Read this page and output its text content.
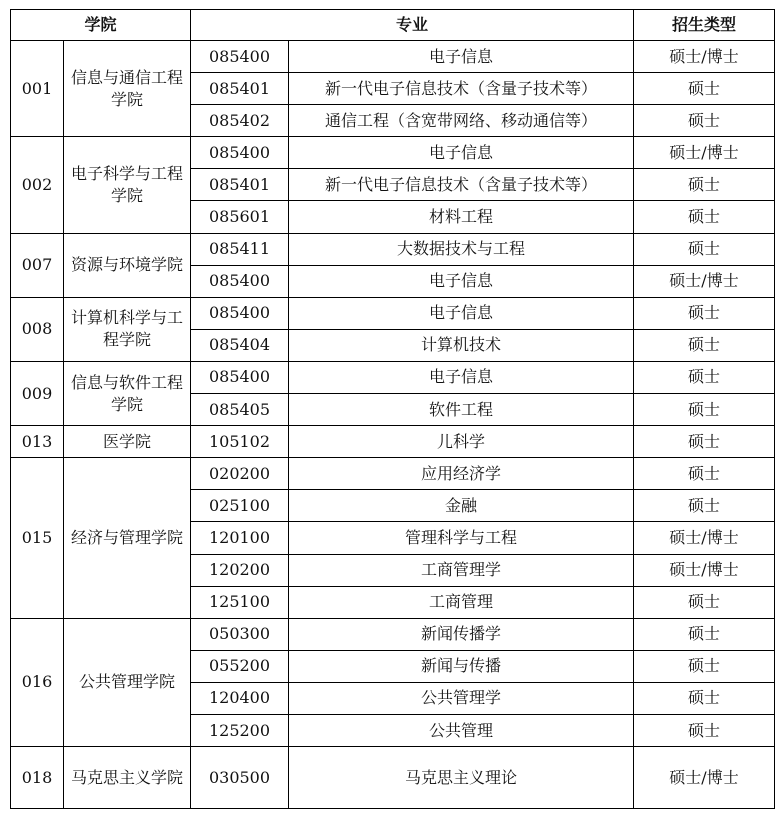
学院		专业		招生类型
001	信息与通信工程学院	085400	电子信息	硕士/博士
		085401	新一代电子信息技术（含量子技术等）	硕士
		085402	通信工程（含宽带网络、移动通信等）	硕士
002	电子科学与工程学院	085400	电子信息	硕士/博士
		085401	新一代电子信息技术（含量子技术等）	硕士
		085601	材料工程	硕士
007	资源与环境学院	085411	大数据技术与工程	硕士
		085400	电子信息	硕士/博士
008	计算机科学与工程学院	085400	电子信息	硕士
		085404	计算机技术	硕士
009	信息与软件工程学院	085400	电子信息	硕士
		085405	软件工程	硕士
013	医学院	105102	儿科学	硕士
015	经济与管理学院	020200	应用经济学	硕士
		025100	金融	硕士
		120100	管理科学与工程	硕士/博士
		120200	工商管理学	硕士/博士
		125100	工商管理	硕士
016	公共管理学院	050300	新闻传播学	硕士
		055200	新闻与传播	硕士
		120400	公共管理学	硕士
		125200	公共管理	硕士
018	马克思主义学院	030500	马克思主义理论	硕士/博士
